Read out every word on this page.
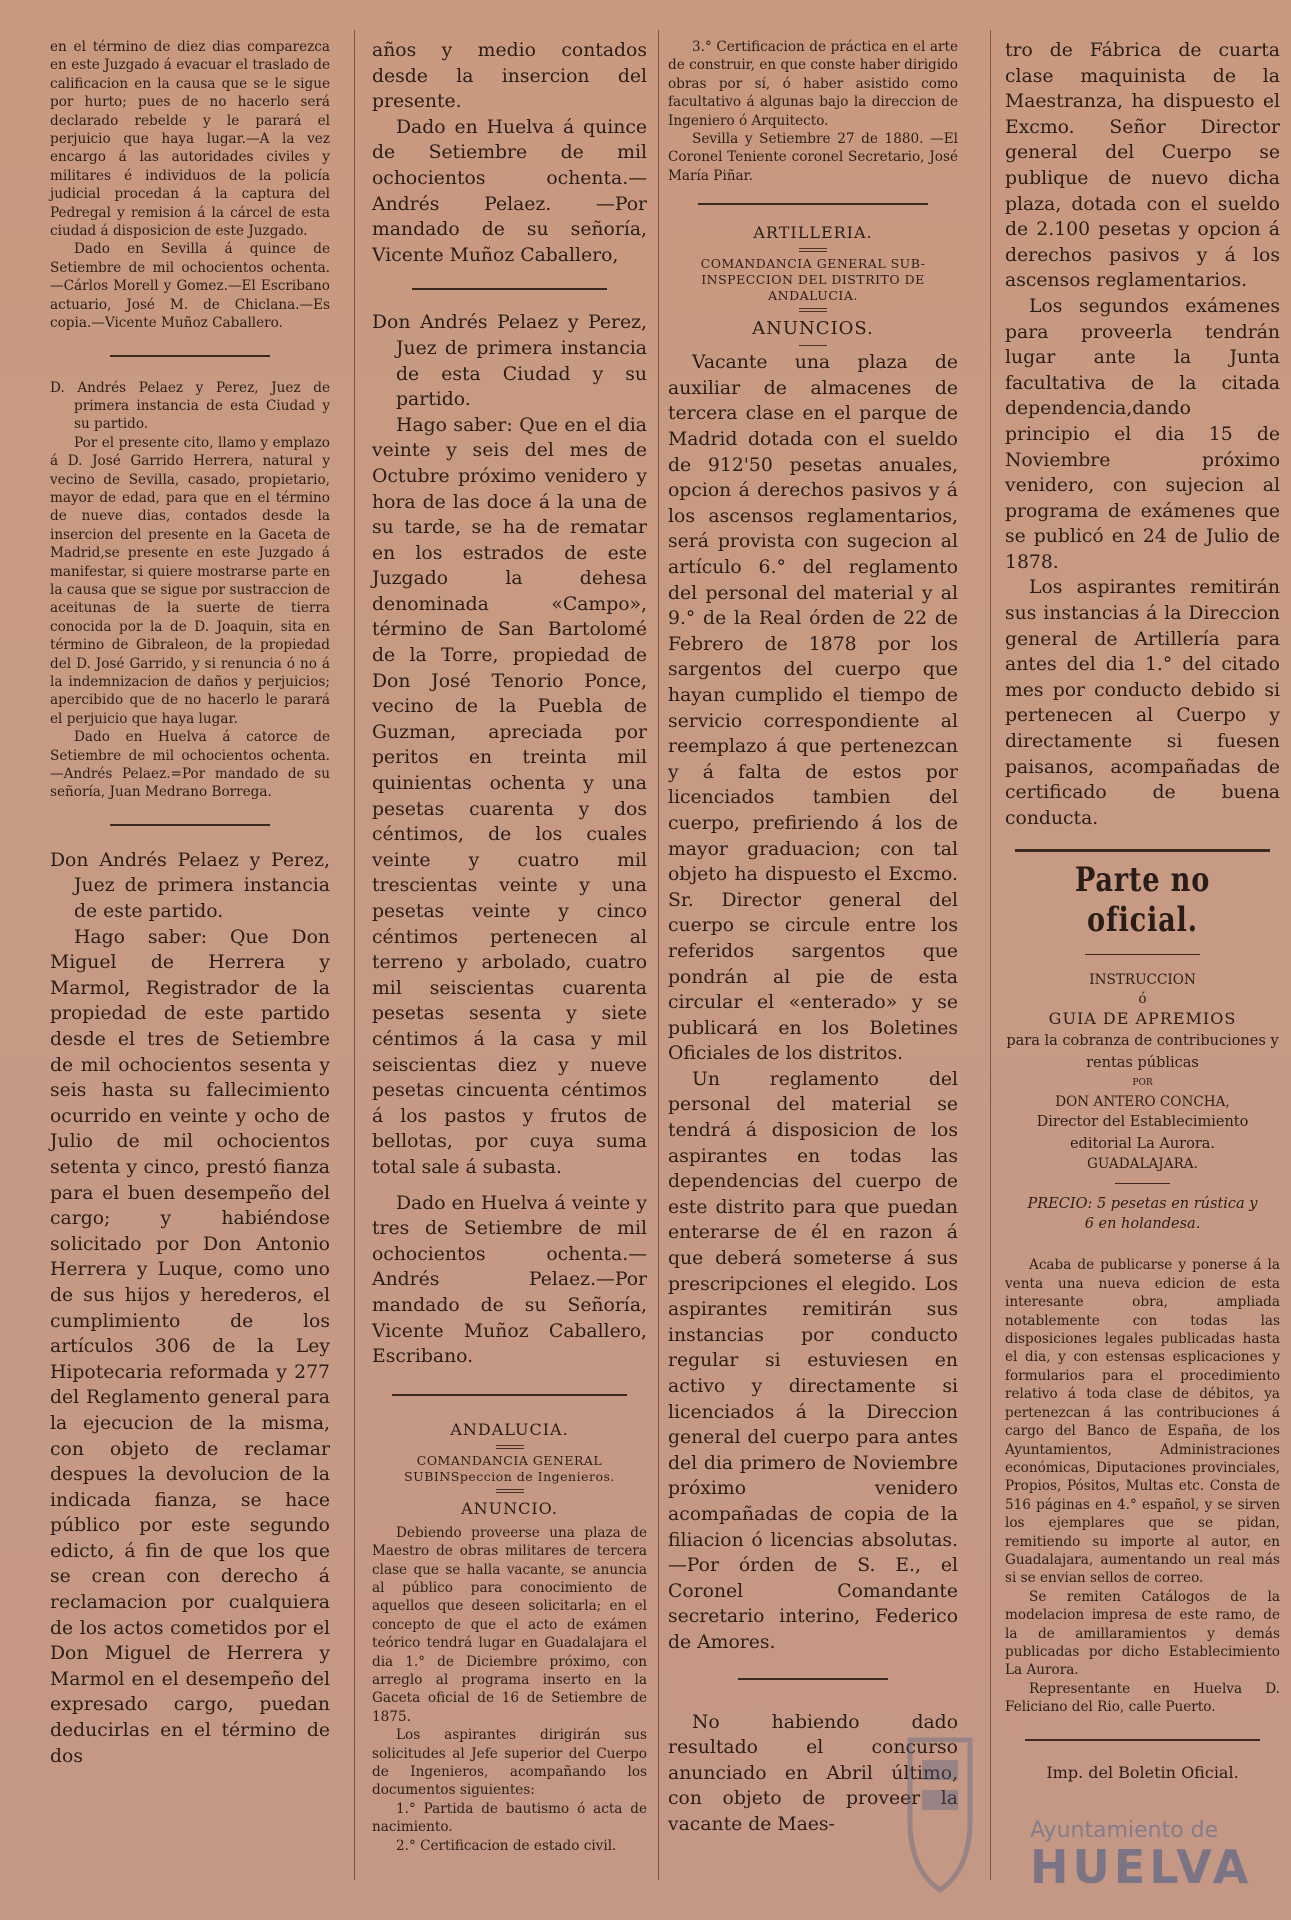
en el término de diez dias comparezca en este Juzgado á evacuar el traslado de calificacion en la causa que se le sigue por hurto; pues de no hacerlo será declarado rebelde y le parará el perjuicio que haya lugar.—A la vez encargo á las autoridades civiles y militares é individuos de la policía judicial procedan á la captura del Pedregal y remision á la cárcel de esta ciudad á disposicion de este Juzgado.

Dado en Sevilla á quince de Setiembre de mil ochocientos ochenta.—Cárlos Morell y Gomez.—El Escribano actuario, José M. de Chiclana.—Es copia.—Vicente Muñoz Caballero.

D. Andrés Pelaez y Perez, Juez de primera instancia de esta Ciudad y su partido.

Por el presente cito, llamo y emplazo á D. José Garrido Herrera, natural y vecino de Sevilla, casado, propietario, mayor de edad, para que en el término de nueve dias, contados desde la insercion del presente en la Gaceta de Madrid,se presente en este Juzgado á manifestar, si quiere mostrarse parte en la causa que se sigue por sustraccion de aceitunas de la suerte de tierra conocida por la de D. Joaquin, sita en término de Gibraleon, de la propiedad del D. José Garrido, y si renuncia ó no á la indemnizacion de daños y perjuicios; apercibido que de no hacerlo le parará el perjuicio que haya lugar.

Dado en Huelva á catorce de Setiembre de mil ochocientos ochenta. —Andrés Pelaez.=Por mandado de su señoría, Juan Medrano Borrega.

Don Andrés Pelaez y Perez, Juez de primera instancia de este partido.

Hago saber: Que Don Miguel de Herrera y Marmol, Registrador de la propiedad de este partido desde el tres de Setiembre de mil ochocientos sesenta y seis hasta su fallecimiento ocurrido en veinte y ocho de Julio de mil ochocientos setenta y cinco, prestó fianza para el buen desempeño del cargo; y habiéndose solicitado por Don Antonio Herrera y Luque, como uno de sus hijos y herederos, el cumplimiento de los artículos 306 de la Ley Hipotecaria reformada y 277 del Reglamento general para la ejecucion de la misma, con objeto de reclamar despues la devolucion de la indicada fianza, se hace público por este segundo edicto, á fin de que los que se crean con derecho á reclamacion por cualquiera de los actos cometidos por el Don Miguel de Herrera y Marmol en el desempeño del expresado cargo, puedan deducirlas en el término de dos

años y medio contados desde la insercion del presente.

Dado en Huelva á quince de Setiembre de mil ochocientos ochenta.—Andrés Pelaez. —Por mandado de su señoría, Vicente Muñoz Caballero,

Don Andrés Pelaez y Perez, Juez de primera instancia de esta Ciudad y su partido.

Hago saber: Que en el dia veinte y seis del mes de Octubre próximo venidero y hora de las doce á la una de su tarde, se ha de rematar en los estrados de este Juzgado la dehesa denominada «Campo», término de San Bartolomé de la Torre, propiedad de Don José Tenorio Ponce, vecino de la Puebla de Guzman, apreciada por peritos en treinta mil quinientas ochenta y una pesetas cuarenta y dos céntimos, de los cuales veinte y cuatro mil trescientas veinte y una pesetas veinte y cinco céntimos pertenecen al terreno y arbolado, cuatro mil seiscientas cuarenta pesetas sesenta y siete céntimos á la casa y mil seiscientas diez y nueve pesetas cincuenta céntimos á los pastos y frutos de bellotas, por cuya suma total sale á subasta.

Dado en Huelva á veinte y tres de Setiembre de mil ochocientos ochenta.—Andrés Pelaez.—Por mandado de su Señoría, Vicente Muñoz Caballero, Escribano.

ANDALUCIA.
COMANDANCIA GENERAL SUBINSpeccion de Ingenieros.
ANUNCIO.

Debiendo proveerse una plaza de Maestro de obras militares de tercera clase que se halla vacante, se anuncia al público para conocimiento de aquellos que deseen solicitarla; en el concepto de que el acto de exámen teórico tendrá lugar en Guadalajara el dia 1.° de Diciembre próximo, con arreglo al programa inserto en la Gaceta oficial de 16 de Setiembre de 1875.

Los aspirantes dirigirán sus solicitudes al Jefe superior del Cuerpo de Ingenieros, acompañando los documentos siguientes:

1.° Partida de bautismo ó acta de nacimiento.

2.° Certificacion de estado civil.

3.° Certificacion de práctica en el arte de construir, en que conste haber dirigido obras por sí, ó haber asistido como facultativo á algunas bajo la direccion de Ingeniero ó Arquitecto.

Sevilla y Setiembre 27 de 1880. —El Coronel Teniente coronel Secretario, José María Piñar.

ARTILLERIA.
COMANDANCIA GENERAL SUB-INSPECCION DEL DISTRITO DE ANDALUCIA.
ANUNCIOS.

Vacante una plaza de auxiliar de almacenes de tercera clase en el parque de Madrid dotada con el sueldo de 912'50 pesetas anuales, opcion á derechos pasivos y á los ascensos reglamentarios, será provista con sugecion al artículo 6.° del reglamento del personal del material y al 9.° de la Real órden de 22 de Febrero de 1878 por los sargentos del cuerpo que hayan cumplido el tiempo de servicio correspondiente al reemplazo á que pertenezcan y á falta de estos por licenciados tambien del cuerpo, prefiriendo á los de mayor graduacion; con tal objeto ha dispuesto el Excmo. Sr. Director general del cuerpo se circule entre los referidos sargentos que pondrán al pie de esta circular el «enterado» y se publicará en los Boletines Oficiales de los distritos.

Un reglamento del personal del material se tendrá á disposicion de los aspirantes en todas las dependencias del cuerpo de este distrito para que puedan enterarse de él en razon á que deberá someterse á sus prescripciones el elegido. Los aspirantes remitirán sus instancias por conducto regular si estuviesen en activo y directamente si licenciados á la Direccion general del cuerpo para antes del dia primero de Noviembre próximo venidero acompañadas de copia de la filiacion ó licencias absolutas.—Por órden de S. E., el Coronel Comandante secretario interino, Federico de Amores.

No habiendo dado resultado el concurso anunciado en Abril último, con objeto de proveer la vacante de Maes-

tro de Fábrica de cuarta clase maquinista de la Maestranza, ha dispuesto el Excmo. Señor Director general del Cuerpo se publique de nuevo dicha plaza, dotada con el sueldo de 2.100 pesetas y opcion á derechos pasivos y á los ascensos reglamentarios.

Los segundos exámenes para proveerla tendrán lugar ante la Junta facultativa de la citada dependencia,dando principio el dia 15 de Noviembre próximo venidero, con sujecion al programa de exámenes que se publicó en 24 de Julio de 1878.

Los aspirantes remitirán sus instancias á la Direccion general de Artillería para antes del dia 1.° del citado mes por conducto debido si pertenecen al Cuerpo y directamente si fuesen paisanos, acompañadas de certificado de buena conducta.

Parte no oficial.

INSTRUCCION

ó

GUIA DE APREMIOS

para la cobranza de contribuciones y rentas públicas

POR

DON ANTERO CONCHA,

Director del Establecimiento editorial La Aurora.

GUADALAJARA.

PRECIO: 5 pesetas en rústica y 6 en holandesa.

Acaba de publicarse y ponerse á la venta una nueva edicion de esta interesante obra, ampliada notablemente con todas las disposiciones legales publicadas hasta el dia, y con estensas esplicaciones y formularios para el procedimiento relativo á toda clase de débitos, ya pertenezcan á las contribuciones á cargo del Banco de España, de los Ayuntamientos, Administraciones económicas, Diputaciones provinciales, Propios, Pósitos, Multas etc. Consta de 516 páginas en 4.° español, y se sirven los ejemplares que se pidan, remitiendo su importe al autor, en Guadalajara, aumentando un real más si se envian sellos de correo.

Se remiten Catálogos de la modelacion impresa de este ramo, de la de amillaramientos y demás publicadas por dicho Establecimiento La Aurora.

Representante en Huelva D. Feliciano del Rio, calle Puerto.

Imp. del Boletin Oficial.

Ayuntamiento de
HUELVA
